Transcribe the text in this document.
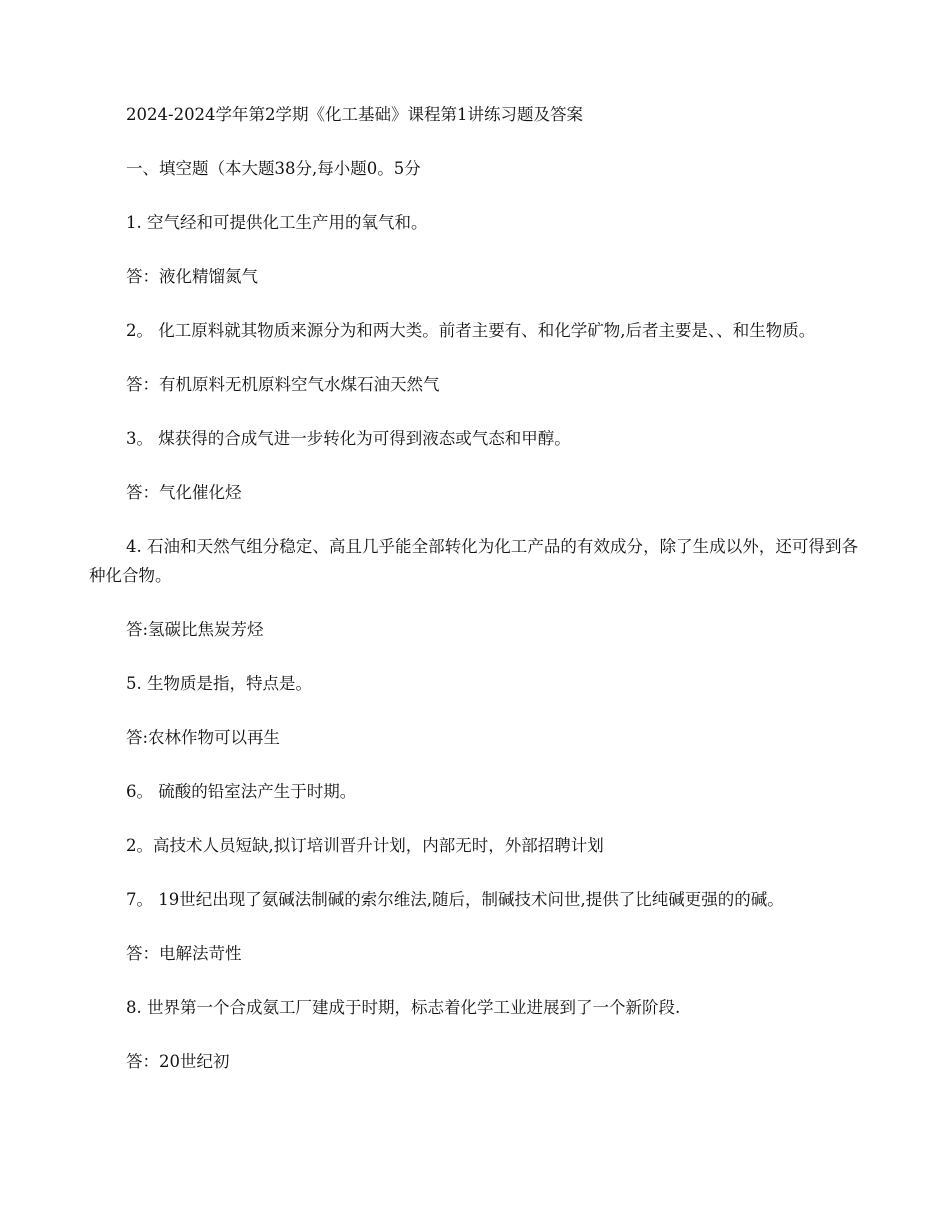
2024-2024学年第2学期《化工基础》课程第1讲练习题及答案

一、填空题（本大题38分,每小题0。5分

1. 空气经和可提供化工生产用的氧气和。

答：液化精馏氮气

2。 化工原料就其物质来源分为和两大类。前者主要有、和化学矿物,后者主要是、、和生物质。

答：有机原料无机原料空气水煤石油天然气

3。 煤获得的合成气进一步转化为可得到液态或气态和甲醇。

答：气化催化烃

4. 石油和天然气组分稳定、高且几乎能全部转化为化工产品的有效成分，除了生成以外，还可得到各种化合物。

答:氢碳比焦炭芳烃

5. 生物质是指，特点是。

答:农林作物可以再生

6。 硫酸的铅室法产生于时期。

2。高技术人员短缺,拟订培训晋升计划，内部无时，外部招聘计划

7。 19世纪出现了氨碱法制碱的索尔维法,随后，制碱技术问世,提供了比纯碱更强的的碱。

答：电解法苛性

8. 世界第一个合成氨工厂建成于时期，标志着化学工业进展到了一个新阶段.

答：20世纪初
